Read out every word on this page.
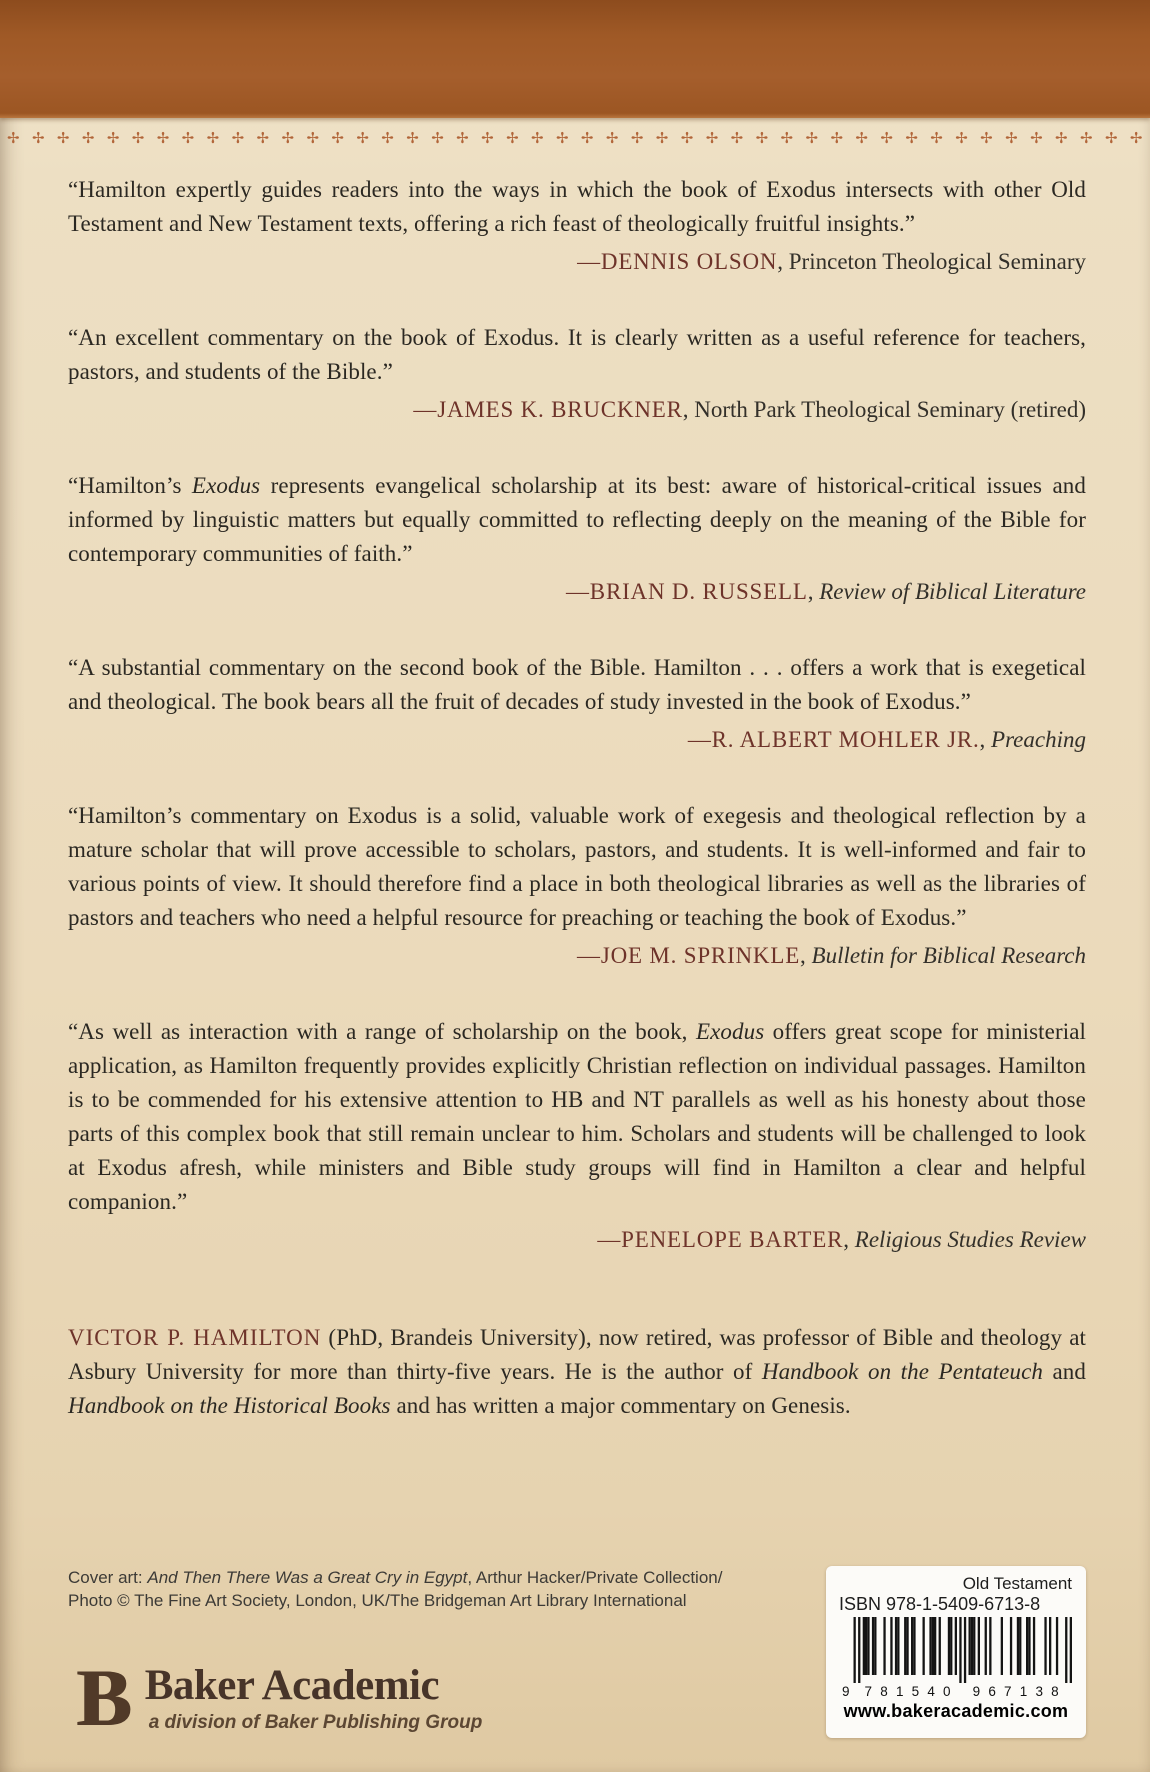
✢ ✢ ✢ ✢ ✢ ✢ ✢ ✢ ✢ ✢ ✢ ✢ ✢ ✢ ✢ ✢ ✢ ✢ ✢ ✢ ✢ ✢ ✢ ✢ ✢ ✢ ✢ ✢ ✢ ✢ ✢ ✢ ✢ ✢ ✢ ✢ ✢ ✢ ✢ ✢ ✢ ✢ ✢ ✢ ✢ ✢

“Hamilton expertly guides readers into the ways in which the book of Exodus intersects with other Old Testament and New Testament texts, offering a rich feast of theologically fruitful insights.”

—DENNIS OLSON, Princeton Theological Seminary

“An excellent commentary on the book of Exodus. It is clearly written as a useful reference for teachers, pastors, and students of the Bible.”

—JAMES K. BRUCKNER, North Park Theological Seminary (retired)

“Hamilton’s Exodus represents evangelical scholarship at its best: aware of historical-critical issues and informed by linguistic matters but equally committed to reflecting deeply on the meaning of the Bible for contemporary communities of faith.”

—BRIAN D. RUSSELL, Review of Biblical Literature

“A substantial commentary on the second book of the Bible. Hamilton . . . offers a work that is exegetical and theological. The book bears all the fruit of decades of study invested in the book of Exodus.”

—R. ALBERT MOHLER JR., Preaching

“Hamilton’s commentary on Exodus is a solid, valuable work of exegesis and theological reflection by a mature scholar that will prove accessible to scholars, pastors, and students. It is well-informed and fair to various points of view. It should therefore find a place in both theological libraries as well as the libraries of pastors and teachers who need a helpful resource for preaching or teaching the book of Exodus.”

—JOE M. SPRINKLE, Bulletin for Biblical Research

“As well as interaction with a range of scholarship on the book, Exodus offers great scope for ministerial application, as Hamilton frequently provides explicitly Christian reflection on individual passages. Hamilton is to be commended for his extensive attention to HB and NT parallels as well as his honesty about those parts of this complex book that still remain unclear to him. Scholars and students will be challenged to look at Exodus afresh, while ministers and Bible study groups will find in Hamilton a clear and helpful companion.”

—PENELOPE BARTER, Religious Studies Review

VICTOR P. HAMILTON (PhD, Brandeis University), now retired, was professor of Bible and theology at Asbury University for more than thirty-five years. He is the author of Handbook on the Pentateuch and Handbook on the Historical Books and has written a major commentary on Genesis.

Cover art: And Then There Was a Great Cry in Egypt, Arthur Hacker/Private Collection/
Photo © The Fine Art Society, London, UK/The Bridgeman Art Library International
B Baker Academic
a division of Baker Publishing Group
Old Testament
ISBN 978-1-5409-6713-8
9 781540 967138
www.bakeracademic.com
